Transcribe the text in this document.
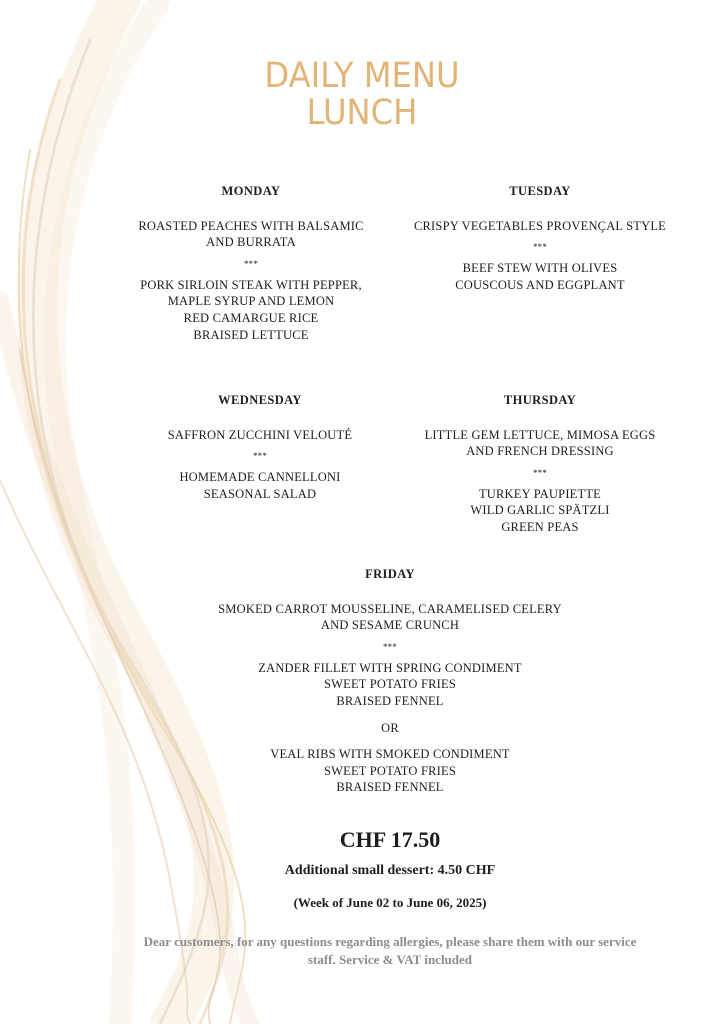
DAILY MENU
LUNCH
MONDAY
ROASTED PEACHES WITH BALSAMIC
AND BURRATA
***
PORK SIRLOIN STEAK WITH PEPPER,
MAPLE SYRUP AND LEMON
RED CAMARGUE RICE
BRAISED LETTUCE
TUESDAY
CRISPY VEGETABLES PROVENÇAL STYLE
***
BEEF STEW WITH OLIVES
COUSCOUS AND EGGPLANT
WEDNESDAY
SAFFRON ZUCCHINI VELOUTÉ
***
HOMEMADE CANNELLONI
SEASONAL SALAD
THURSDAY
LITTLE GEM LETTUCE, MIMOSA EGGS
AND FRENCH DRESSING
***
TURKEY PAUPIETTE
WILD GARLIC SPÄTZLI
GREEN PEAS
FRIDAY
SMOKED CARROT MOUSSELINE, CARAMELISED CELERY
AND SESAME CRUNCH
***
ZANDER FILLET WITH SPRING CONDIMENT
SWEET POTATO FRIES
BRAISED FENNEL
OR
VEAL RIBS WITH SMOKED CONDIMENT
SWEET POTATO FRIES
BRAISED FENNEL
CHF 17.50
Additional small dessert: 4.50 CHF
(Week of June 02 to June 06, 2025)
Dear customers, for any questions regarding allergies, please share them with our service staff. Service & VAT included
